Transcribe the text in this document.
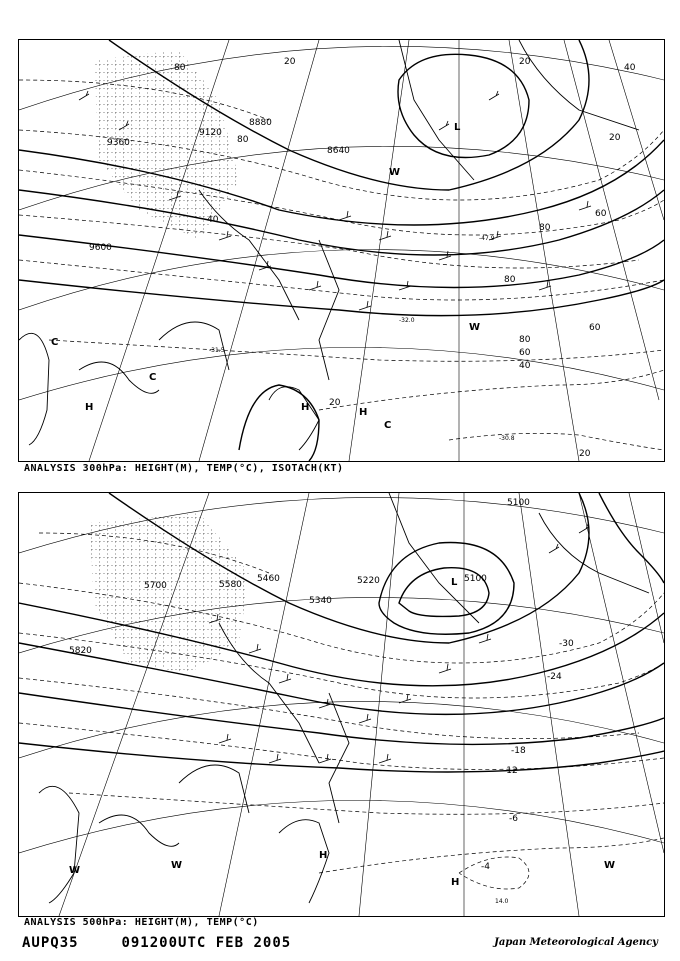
9360
9120
8880
8640
9600
80
80
20
40
20
80
60
40
20
60
80
80
60
40
20
20
-30.8
-31.5
-32.0
-47.9
H	H	H
L
W
W
C
C
C
ANALYSIS 300hPa: HEIGHT(M), TEMP(°C), ISOTACH(KT)
5700	5580
5460
5340
5100
5820
5100
5220
-30
-24
-18
-12
-6
-4
14.0
L
W	W	W
H
H
ANALYSIS 500hPa: HEIGHT(M), TEMP(°C)
AUPQ35	091200UTC FEB 2005	Japan Meteorological Agency
